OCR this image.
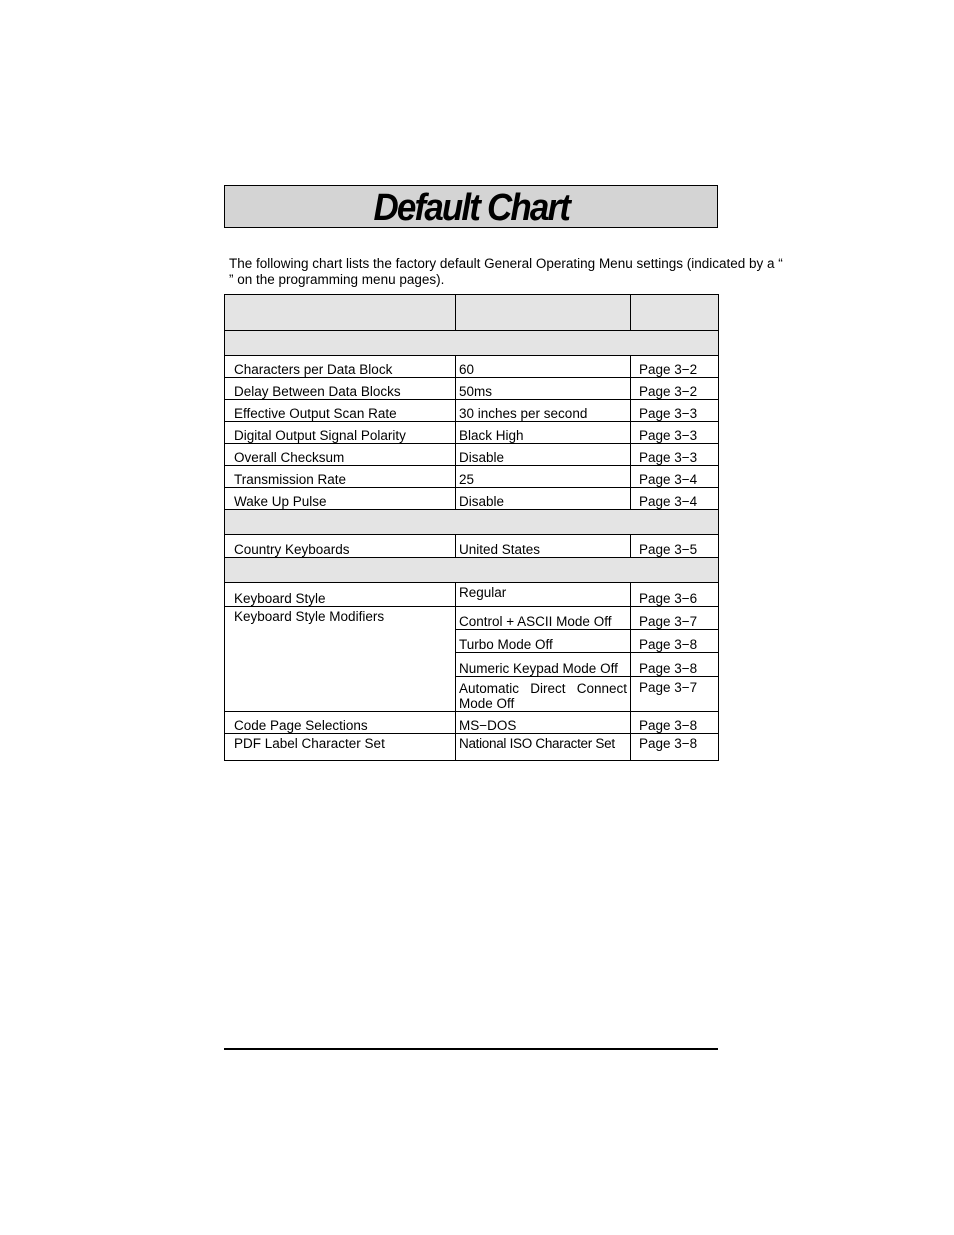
Default Chart
The following chart lists the factory default General Operating Menu settings (indicated by a “ ” on the programming menu pages).

Characters per Data Block	60	Page 3−2
Delay Between Data Blocks	50ms	Page 3−2
Effective Output Scan Rate	30 inches per second	Page 3−3
Digital Output Signal Polarity	Black High	Page 3−3
Overall Checksum	Disable	Page 3−3
Transmission Rate	25	Page 3−4
Wake Up Pulse	Disable	Page 3−4

Country Keyboards	United States	Page 3−5

Keyboard Style	Regular	Page 3−6
Keyboard Style Modifiers	Control + ASCII Mode Off	Page 3−7
	Turbo Mode Off	Page 3−8
	Numeric Keypad Mode Off	Page 3−8
	Automatic Direct Connect Mode Off	Page 3−7
Code Page Selections	MS−DOS	Page 3−8
PDF Label Character Set	National ISO Character Set	Page 3−8
